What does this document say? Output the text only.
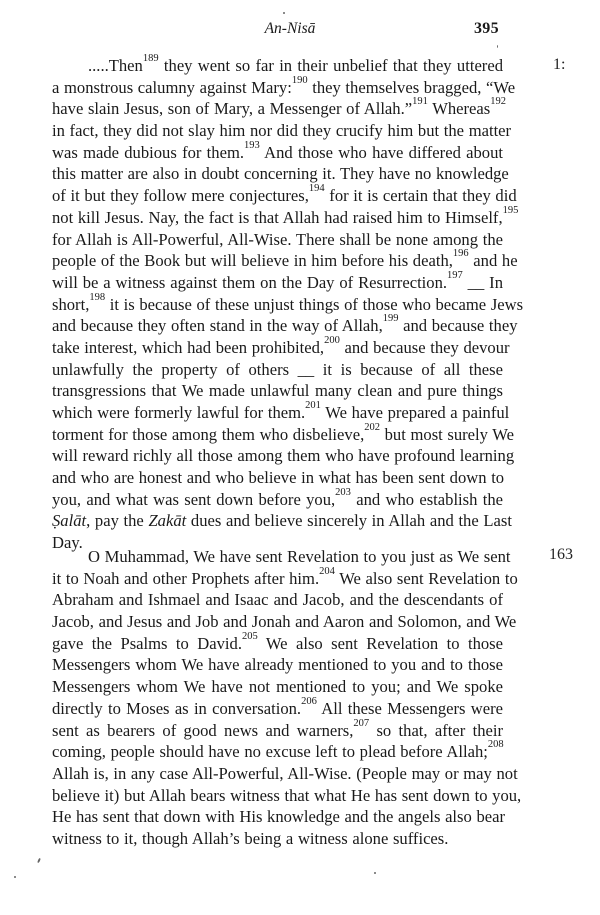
An-Nisā	395
1:
163
.....Then$^{189}$ they went so far in their unbelief that they uttered
a monstrous calumny against Mary:$^{190}$ they themselves bragged, “We
have slain Jesus, son of Mary, a Messenger of Allah.”$^{191}$ Whereas$^{192}$
in fact, they did not slay him nor did they crucify him but the matter
was made dubious for them.$^{193}$ And those who have differed about
this matter are also in doubt concerning it. They have no knowledge
of it but they follow mere conjectures,$^{194}$ for it is certain that they did
not kill Jesus. Nay, the fact is that Allah had raised him to Himself,$^{195}$
for Allah is All-Powerful, All-Wise. There shall be none among the
people of the Book but will believe in him before his death,$^{196}$ and he
will be a witness against them on the Day of Resurrection.$^{197}$ __ In
short,$^{198}$ it is because of these unjust things of those who became Jews
and because they often stand in the way of Allah,$^{199}$ and because they
take interest, which had been prohibited,$^{200}$ and because they devour
unlawfully the property of others __ it is because of all these
transgressions that We made unlawful many clean and pure things
which were formerly lawful for them.$^{201}$ We have prepared a painful
torment for those among them who disbelieve,$^{202}$ but most surely We
will reward richly all those among them who have profound learning
and who are honest and who believe in what has been sent down to
you, and what was sent down before you,$^{203}$ and who establish the
Ṣalāt, pay the Zakāt dues and believe sincerely in Allah and the Last
Day.
O Muhammad, We have sent Revelation to you just as We sent
it to Noah and other Prophets after him.$^{204}$ We also sent Revelation to
Abraham and Ishmael and Isaac and Jacob, and the descendants of
Jacob, and Jesus and Job and Jonah and Aaron and Solomon, and We
gave the Psalms to David.$^{205}$ We also sent Revelation to those
Messengers whom We have already mentioned to you and to those
Messengers whom We have not mentioned to you; and We spoke
directly to Moses as in conversation.$^{206}$ All these Messengers were
sent as bearers of good news and warners,$^{207}$ so that, after their
coming, people should have no excuse left to plead before Allah;$^{208}$
Allah is, in any case All-Powerful, All-Wise. (People may or may not
believe it) but Allah bears witness that what He has sent down to you,
He has sent that down with His knowledge and the angels also bear
witness to it, though Allah’s being a witness alone suffices.
